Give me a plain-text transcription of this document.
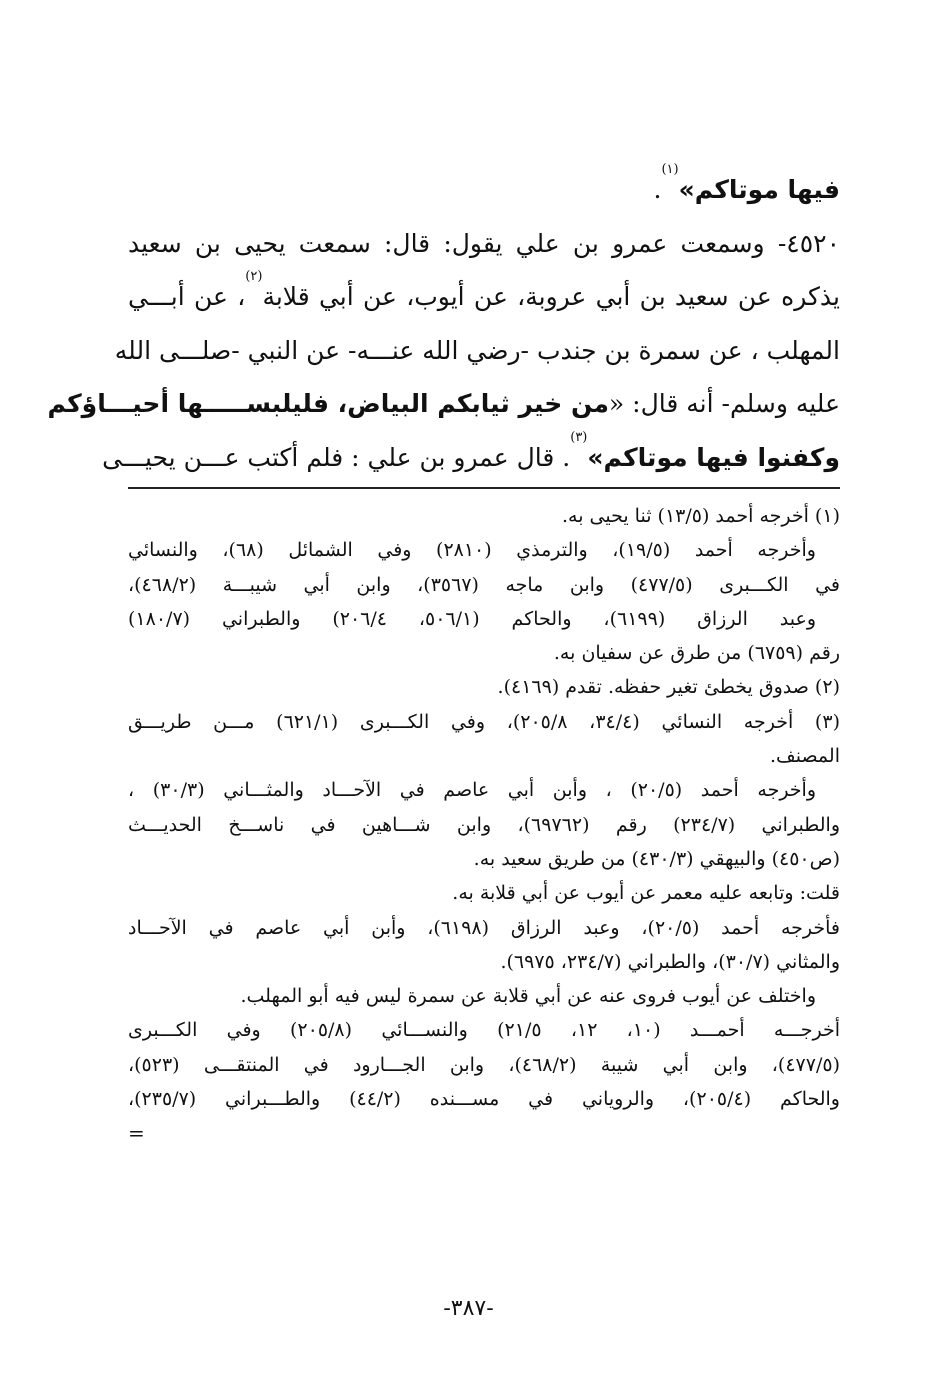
فيها موتاكم»$^{(١)}$.
٤٥٢٠- وسمعت عمرو بن علي يقول: قال: سمعت يحيى بن سعيد
يذكره عن سعيد بن أبي عروبة، عن أيوب، عن أبي قلابة$^{(٢)}$، عن أبـــي
المهلب ، عن سمرة بن جندب -رضي الله عنـــه- عن النبي -صلـــى الله
عليه وسلم- أنه قال: «من خير ثيابكم البياض، فليلبســـــها أحيـــاؤكم
وكفنوا فيها موتاكم»$^{(٣)}$. قال عمرو بن علي : فلم أكتب عـــن يحيـــى
(١) أخرجه أحمد (١٣/٥) ثنا يحيى به.
وأخرجه أحمد (١٩/٥)، والترمذي (٢٨١٠) وفي الشمائل (٦٨)، والنسائي
في الكـــبرى (٤٧٧/٥) وابن ماجه (٣٥٦٧)، وابن أبي شيبـــة (٤٦٨/٢)،
وعبد الرزاق (٦١٩٩)، والحاكم (٥٠٦/١، ٢٠٦/٤) والطبراني (١٨٠/٧)
رقم (٦٧٥٩) من طرق عن سفيان به.
(٢) صدوق يخطئ تغير حفظه. تقدم (٤١٦٩).
(٣) أخرجه النسائي (٣٤/٤، ٢٠٥/٨)، وفي الكـــبرى (٦٢١/١) مـــن طريـــق
المصنف.
وأخرجه أحمد (٢٠/٥) ، وأبن أبي عاصم في الآحـــاد والمثـــاني (٣٠/٣) ،
والطبراني (٢٣٤/٧) رقم (٦٩٧٦٢)، وابن شـــاهين في ناســـخ الحديـــث
(ص٤٥٠) والبيهقي (٤٣٠/٣) من طريق سعيد به.
قلت: وتابعه عليه معمر عن أيوب عن أبي قلابة به.
فأخرجه أحمد (٢٠/٥)، وعبد الرزاق (٦١٩٨)، وأبن أبي عاصم في الآحـــاد
والمثاني (٣٠/٧)، والطبراني (٢٣٤/٧، ٦٩٧٥).
واختلف عن أيوب فروى عنه عن أبي قلابة عن سمرة ليس فيه أبو المهلب.
أخرجـــه أحمـــد (١٠، ١٢، ٢١/٥) والنســـائي (٢٠٥/٨) وفي الكـــبرى
(٤٧٧/٥)، وابن أبي شيبة (٤٦٨/٢)، وابن الجـــارود في المنتقـــى (٥٢٣)،
والحاكم (٢٠٥/٤)، والروياني في مســـنده (٤٤/٢) والطـــبراني (٢٣٥/٧)،
=
-٣٨٧-
